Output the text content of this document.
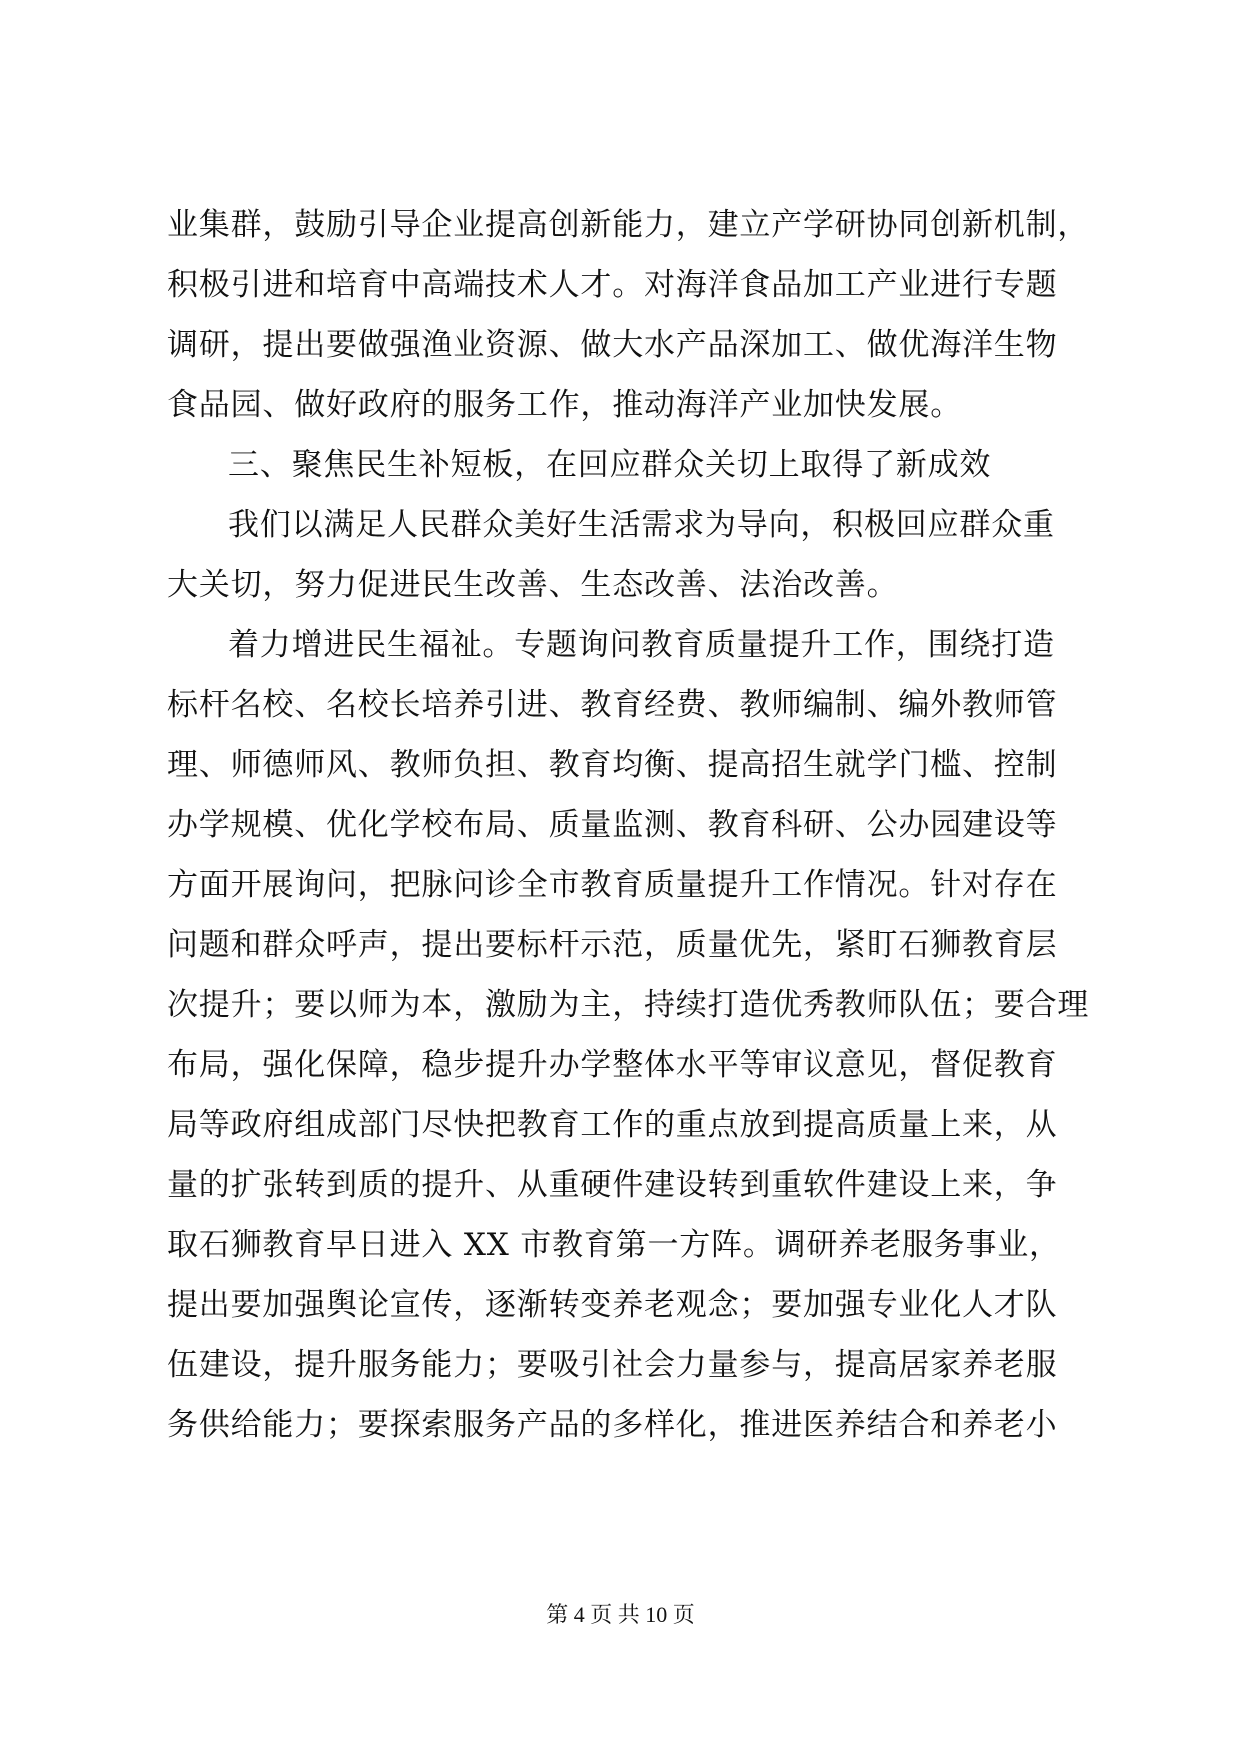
业集群，鼓励引导企业提高创新能力，建立产学研协同创新机制，
积极引进和培育中高端技术人才。对海洋食品加工产业进行专题
调研，提出要做强渔业资源、做大水产品深加工、做优海洋生物
食品园、做好政府的服务工作，推动海洋产业加快发展。
三、聚焦民生补短板，在回应群众关切上取得了新成效
我们以满足人民群众美好生活需求为导向，积极回应群众重
大关切，努力促进民生改善、生态改善、法治改善。
着力增进民生福祉。专题询问教育质量提升工作，围绕打造
标杆名校、名校长培养引进、教育经费、教师编制、编外教师管
理、师德师风、教师负担、教育均衡、提高招生就学门槛、控制
办学规模、优化学校布局、质量监测、教育科研、公办园建设等
方面开展询问，把脉问诊全市教育质量提升工作情况。针对存在
问题和群众呼声，提出要标杆示范，质量优先，紧盯石狮教育层
次提升；要以师为本，激励为主，持续打造优秀教师队伍；要合理
布局，强化保障，稳步提升办学整体水平等审议意见，督促教育
局等政府组成部门尽快把教育工作的重点放到提高质量上来，从
量的扩张转到质的提升、从重硬件建设转到重软件建设上来，争
取石狮教育早日进入 XX 市教育第一方阵。调研养老服务事业，
提出要加强舆论宣传，逐渐转变养老观念；要加强专业化人才队
伍建设，提升服务能力；要吸引社会力量参与，提高居家养老服
务供给能力；要探索服务产品的多样化，推进医养结合和养老小
第 4 页 共 10 页
